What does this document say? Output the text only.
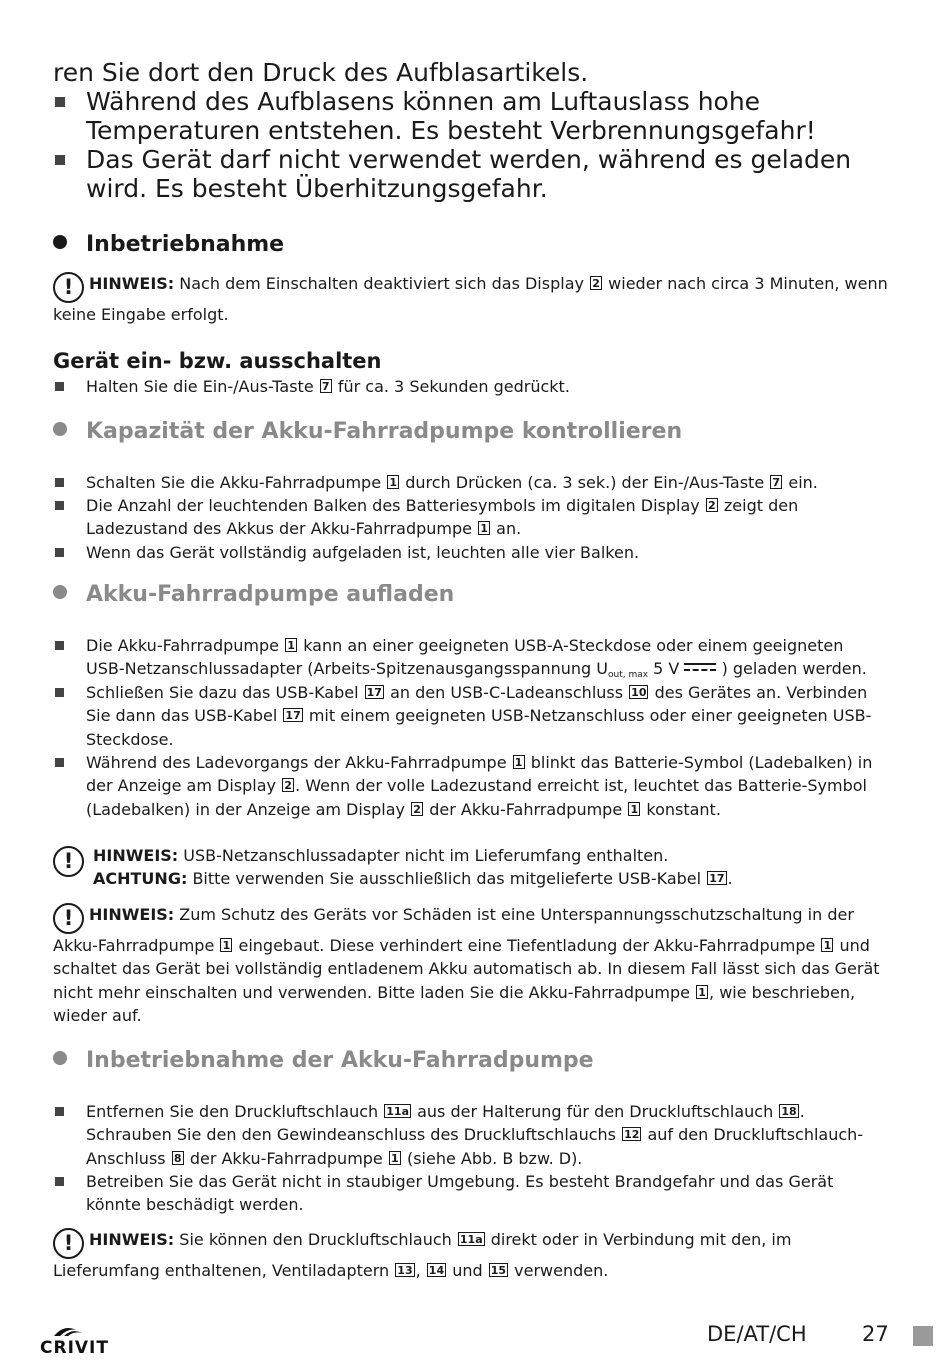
ren Sie dort den Druck des Aufblasartikels.

Während des Aufblasens können am Luftauslass hohe Temperaturen entstehen. Es besteht Verbrennungsgefahr!
Das Gerät darf nicht verwendet werden, während es geladen wird. Es besteht Überhitzungsgefahr.
Inbetriebnahme
! HINWEIS: Nach dem Einschalten deaktiviert sich das Display 2 wieder nach circa 3 Minuten, wenn keine Eingabe erfolgt.
Gerät ein- bzw. ausschalten
Halten Sie die Ein-/Aus-Taste 7 für ca. 3 Sekunden gedrückt.
Kapazität der Akku-Fahrradpumpe kontrollieren
Schalten Sie die Akku-Fahrradpumpe 1 durch Drücken (ca. 3 sek.) der Ein-/Aus-Taste 7 ein.
Die Anzahl der leuchtenden Balken des Batteriesymbols im digitalen Display 2 zeigt den Ladezustand des Akkus der Akku-Fahrradpumpe 1 an.
Wenn das Gerät vollständig aufgeladen ist, leuchten alle vier Balken.
Akku-Fahrradpumpe aufladen
Die Akku-Fahrradpumpe 1 kann an einer geeigneten USB-A-Steckdose oder einem geeigneten USB-Netzanschlussadapter (Arbeits-Spitzenausgangsspannung $U_{out, max}$ 5 V	) geladen werden.
Schließen Sie dazu das USB-Kabel 17 an den USB-C-Ladeanschluss 10 des Gerätes an. Verbinden Sie dann das USB-Kabel 17 mit einem geeigneten USB-Netzanschluss oder einer geeigneten USB-Steckdose.
Während des Ladevorgangs der Akku-Fahrradpumpe 1 blinkt das Batterie-Symbol (Ladebalken) in der Anzeige am Display 2 . Wenn der volle Ladezustand erreicht ist, leuchtet das Batterie-Symbol (Ladebalken) in der Anzeige am Display 2 der Akku-Fahrradpumpe 1 konstant.
!	HINWEIS: USB-Netzanschlussadapter nicht im Lieferumfang enthalten.
ACHTUNG: Bitte verwenden Sie ausschließlich das mitgelieferte USB-Kabel 17 .
! HINWEIS: Zum Schutz des Geräts vor Schäden ist eine Unterspannungsschutzschaltung in der Akku-Fahrradpumpe 1 eingebaut. Diese verhindert eine Tiefentladung der Akku-Fahrradpumpe 1 und schaltet das Gerät bei vollständig entladenem Akku automatisch ab. In diesem Fall lässt sich das Gerät nicht mehr einschalten und verwenden. Bitte laden Sie die Akku-Fahrradpumpe 1 , wie beschrieben, wieder auf.
Inbetriebnahme der Akku-Fahrradpumpe
Entfernen Sie den Druckluftschlauch 11a aus der Halterung für den Druckluftschlauch 18 . Schrauben Sie den den Gewindeanschluss des Druckluftschlauchs 12 auf den Druckluftschlauch-Anschluss 8 der Akku-Fahrradpumpe 1 (siehe Abb. B bzw. D).
Betreiben Sie das Gerät nicht in staubiger Umgebung. Es besteht Brandgefahr und das Gerät könnte beschädigt werden.
! HINWEIS: Sie können den Druckluftschlauch 11a direkt oder in Verbindung mit den, im Lieferumfang enthaltenen, Ventiladaptern 13 , 14 und 15 verwenden.
CRIVIT
DE/AT/CH	27
